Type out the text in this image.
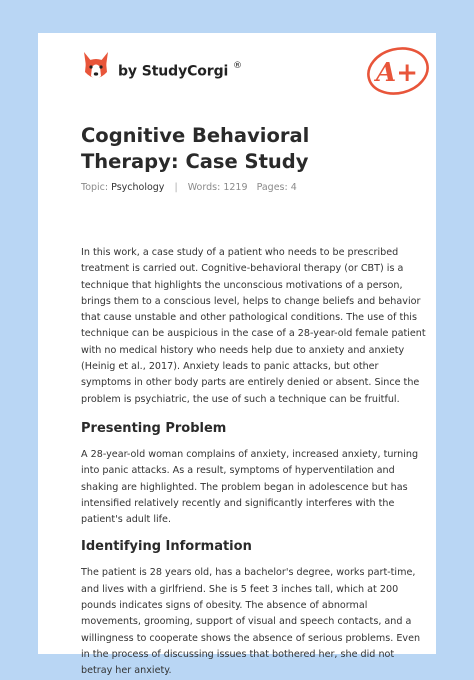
by StudyCorgi ®	A+
Cognitive Behavioral Therapy: Case Study
Topic: Psychology | Words: 1219 Pages: 4

In this work, a case study of a patient who needs to be prescribed treatment is carried out. Cognitive-behavioral therapy (or CBT) is a technique that highlights the unconscious motivations of a person, brings them to a conscious level, helps to change beliefs and behavior that cause unstable and other pathological conditions. The use of this technique can be auspicious in the case of a 28-year-old female patient with no medical history who needs help due to anxiety and anxiety (Heinig et al., 2017). Anxiety leads to panic attacks, but other symptoms in other body parts are entirely denied or absent. Since the problem is psychiatric, the use of such a technique can be fruitful.

Presenting Problem

A 28-year-old woman complains of anxiety, increased anxiety, turning into panic attacks. As a result, symptoms of hyperventilation and shaking are highlighted. The problem began in adolescence but has intensified relatively recently and significantly interferes with the patient's adult life.

Identifying Information

The patient is 28 years old, has a bachelor's degree, works part-time, and lives with a girlfriend. She is 5 feet 3 inches tall, which at 200 pounds indicates signs of obesity. The absence of abnormal movements, grooming, support of visual and speech contacts, and a willingness to cooperate shows the absence of serious problems. Even in the process of discussing issues that bothered her, she did not betray her anxiety.
